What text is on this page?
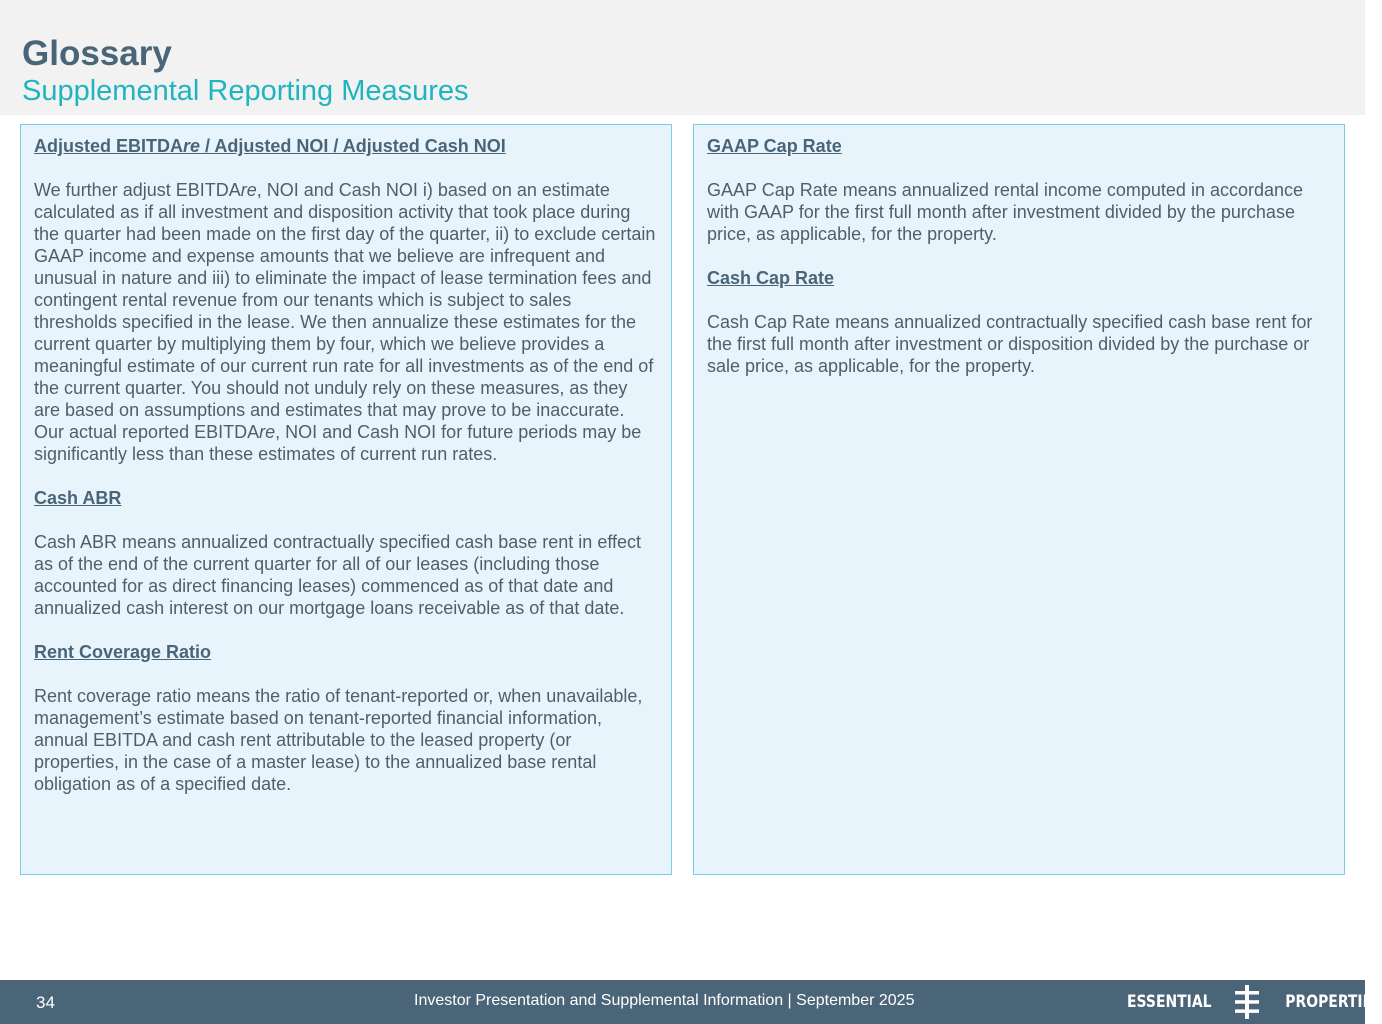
Glossary
Supplemental Reporting Measures
Adjusted EBITDAre / Adjusted NOI / Adjusted Cash NOI
We further adjust EBITDAre, NOI and Cash NOI i) based on an estimate calculated as if all investment and disposition activity that took place during the quarter had been made on the first day of the quarter, ii) to exclude certain GAAP income and expense amounts that we believe are infrequent and unusual in nature and iii) to eliminate the impact of lease termination fees and contingent rental revenue from our tenants which is subject to sales thresholds specified in the lease. We then annualize these estimates for the current quarter by multiplying them by four, which we believe provides a meaningful estimate of our current run rate for all investments as of the end of the current quarter. You should not unduly rely on these measures, as they are based on assumptions and estimates that may prove to be inaccurate. Our actual reported EBITDAre, NOI and Cash NOI for future periods may be significantly less than these estimates of current run rates.
Cash ABR
Cash ABR means annualized contractually specified cash base rent in effect as of the end of the current quarter for all of our leases (including those accounted for as direct financing leases) commenced as of that date and annualized cash interest on our mortgage loans receivable as of that date.
Rent Coverage Ratio
Rent coverage ratio means the ratio of tenant-reported or, when unavailable, management’s estimate based on tenant-reported financial information, annual EBITDA and cash rent attributable to the leased property (or properties, in the case of a master lease) to the annualized base rental obligation as of a specified date.
GAAP Cap Rate
GAAP Cap Rate means annualized rental income computed in accordance with GAAP for the first full month after investment divided by the purchase price, as applicable, for the property.
Cash Cap Rate
Cash Cap Rate means annualized contractually specified cash base rent for the first full month after investment or disposition divided by the purchase or sale price, as applicable, for the property.
34	Investor Presentation and Supplemental Information | September 2025	ESSENTIAL	PROPERTIES
